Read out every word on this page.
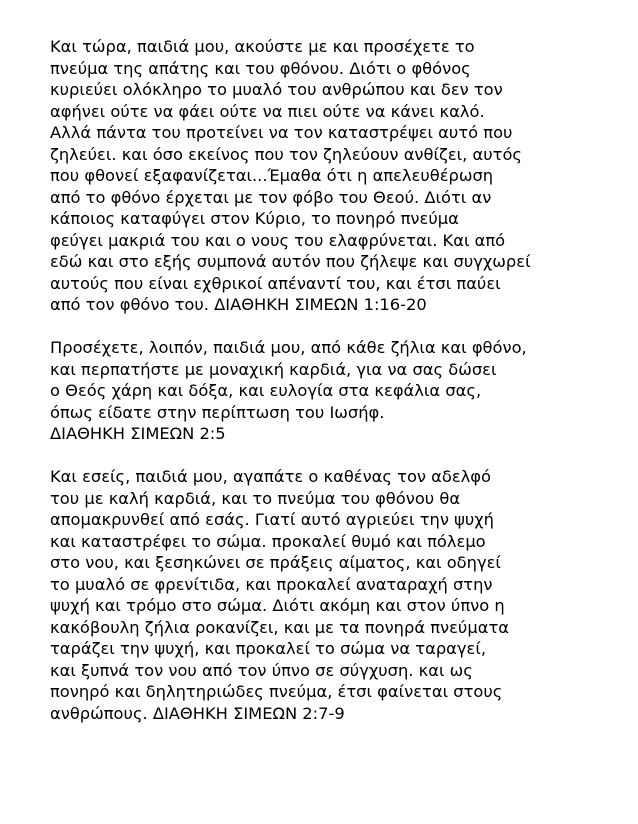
Και τώρα, παιδιά μου, ακούστε με και προσέχετε το
πνεύμα της απάτης και του φθόνου. Διότι ο φθόνος
κυριεύει ολόκληρο το μυαλό του ανθρώπου και δεν τον
αφήνει ούτε να φάει ούτε να πιει ούτε να κάνει καλό.
Αλλά πάντα του προτείνει να τον καταστρέψει αυτό που
ζηλεύει. και όσο εκείνος που τον ζηλεύουν ανθίζει, αυτός
που φθονεί εξαφανίζεται...Έμαθα ότι η απελευθέρωση
από το φθόνο έρχεται με τον φόβο του Θεού. Διότι αν
κάποιος καταφύγει στον Κύριο, το πονηρό πνεύμα
φεύγει μακριά του και ο νους του ελαφρύνεται. Και από
εδώ και στο εξής συμπονά αυτόν που ζήλεψε και συγχωρεί
αυτούς που είναι εχθρικοί απέναντί του, και έτσι παύει
από τον φθόνο του. ΔΙΑΘΗΚΗ ΣΙΜΕΩΝ 1:16-20

Προσέχετε, λοιπόν, παιδιά μου, από κάθε ζήλια και φθόνο,
και περπατήστε με μοναχική καρδιά, για να σας δώσει
ο Θεός χάρη και δόξα, και ευλογία στα κεφάλια σας,
όπως είδατε στην περίπτωση του Ιωσήφ.
ΔΙΑΘΗΚΗ ΣΙΜΕΩΝ 2:5

Και εσείς, παιδιά μου, αγαπάτε ο καθένας τον αδελφό
του με καλή καρδιά, και το πνεύμα του φθόνου θα
απομακρυνθεί από εσάς. Γιατί αυτό αγριεύει την ψυχή
και καταστρέφει το σώμα. προκαλεί θυμό και πόλεμο
στο νου, και ξεσηκώνει σε πράξεις αίματος, και οδηγεί
το μυαλό σε φρενίτιδα, και προκαλεί αναταραχή στην
ψυχή και τρόμο στο σώμα. Διότι ακόμη και στον ύπνο η
κακόβουλη ζήλια ροκανίζει, και με τα πονηρά πνεύματα
ταράζει την ψυχή, και προκαλεί το σώμα να ταραγεί,
και ξυπνά τον νου από τον ύπνο σε σύγχυση. και ως
πονηρό και δηλητηριώδες πνεύμα, έτσι φαίνεται στους
ανθρώπους. ΔΙΑΘΗΚΗ ΣΙΜΕΩΝ 2:7-9
